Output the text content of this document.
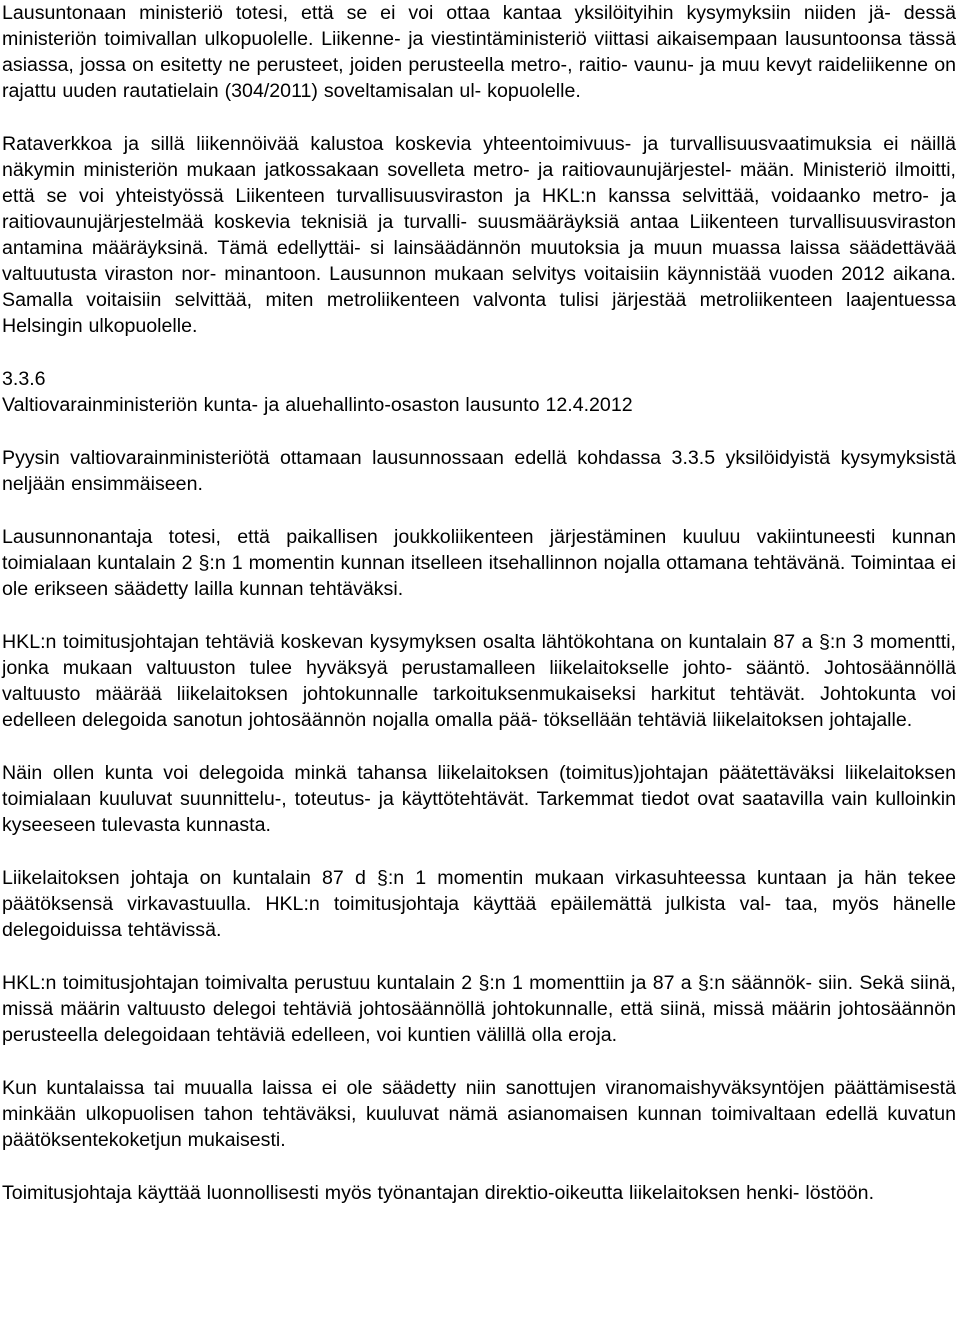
Lausuntonaan ministeriö totesi, että se ei voi ottaa kantaa yksilöityihin kysymyksiin niiden jä- dessä ministeriön toimivallan ulkopuolelle. Liikenne- ja viestintäministeriö viittasi aikaisempaan lausuntoonsa tässä asiassa, jossa on esitetty ne perusteet, joiden perusteella metro-, raitio- vaunu- ja muu kevyt raideliikenne on rajattu uuden rautatielain (304/2011) soveltamisalan ul- kopuolelle.

Rataverkkoa ja sillä liikennöivää kalustoa koskevia yhteentoimivuus- ja turvallisuusvaatimuksia ei näillä näkymin ministeriön mukaan jatkossakaan sovelleta metro- ja raitiovaunujärjestel- mään. Ministeriö ilmoitti, että se voi yhteistyössä Liikenteen turvallisuusviraston ja HKL:n kanssa selvittää, voidaanko metro- ja raitiovaunujärjestelmää koskevia teknisiä ja turvalli- suusmääräyksiä antaa Liikenteen turvallisuusviraston antamina määräyksinä. Tämä edellyttäi- si lainsäädännön muutoksia ja muun muassa laissa säädettävää valtuutusta viraston nor- minantoon. Lausunnon mukaan selvitys voitaisiin käynnistää vuoden 2012 aikana. Samalla voitaisiin selvittää, miten metroliikenteen valvonta tulisi järjestää metroliikenteen laajentuessa Helsingin ulkopuolelle.

3.3.6

Valtiovarainministeriön kunta- ja aluehallinto-osaston lausunto 12.4.2012

Pyysin valtiovarainministeriötä ottamaan lausunnossaan edellä kohdassa 3.3.5 yksilöidyistä kysymyksistä neljään ensimmäiseen.

Lausunnonantaja totesi, että paikallisen joukkoliikenteen järjestäminen kuuluu vakiintuneesti kunnan toimialaan kuntalain 2 §:n 1 momentin kunnan itselleen itsehallinnon nojalla ottamana tehtävänä. Toimintaa ei ole erikseen säädetty lailla kunnan tehtäväksi.

HKL:n toimitusjohtajan tehtäviä koskevan kysymyksen osalta lähtökohtana on kuntalain 87 a §:n 3 momentti, jonka mukaan valtuuston tulee hyväksyä perustamalleen liikelaitokselle johto- sääntö. Johtosäännöllä valtuusto määrää liikelaitoksen johtokunnalle tarkoituksenmukaiseksi harkitut tehtävät. Johtokunta voi edelleen delegoida sanotun johtosäännön nojalla omalla pää- töksellään tehtäviä liikelaitoksen johtajalle.

Näin ollen kunta voi delegoida minkä tahansa liikelaitoksen (toimitus)johtajan päätettäväksi liikelaitoksen toimialaan kuuluvat suunnittelu-, toteutus- ja käyttötehtävät. Tarkemmat tiedot ovat saatavilla vain kulloinkin kyseeseen tulevasta kunnasta.

Liikelaitoksen johtaja on kuntalain 87 d §:n 1 momentin mukaan virkasuhteessa kuntaan ja hän tekee päätöksensä virkavastuulla. HKL:n toimitusjohtaja käyttää epäilemättä julkista val- taa, myös hänelle delegoiduissa tehtävissä.

HKL:n toimitusjohtajan toimivalta perustuu kuntalain 2 §:n 1 momenttiin ja 87 a §:n säännök- siin. Sekä siinä, missä määrin valtuusto delegoi tehtäviä johtosäännöllä johtokunnalle, että siinä, missä määrin johtosäännön perusteella delegoidaan tehtäviä edelleen, voi kuntien välillä olla eroja.

Kun kuntalaissa tai muualla laissa ei ole säädetty niin sanottujen viranomaishyväksyntöjen päättämisestä minkään ulkopuolisen tahon tehtäväksi, kuuluvat nämä asianomaisen kunnan toimivaltaan edellä kuvatun päätöksentekoketjun mukaisesti.

Toimitusjohtaja käyttää luonnollisesti myös työnantajan direktio-oikeutta liikelaitoksen henki- löstöön.
